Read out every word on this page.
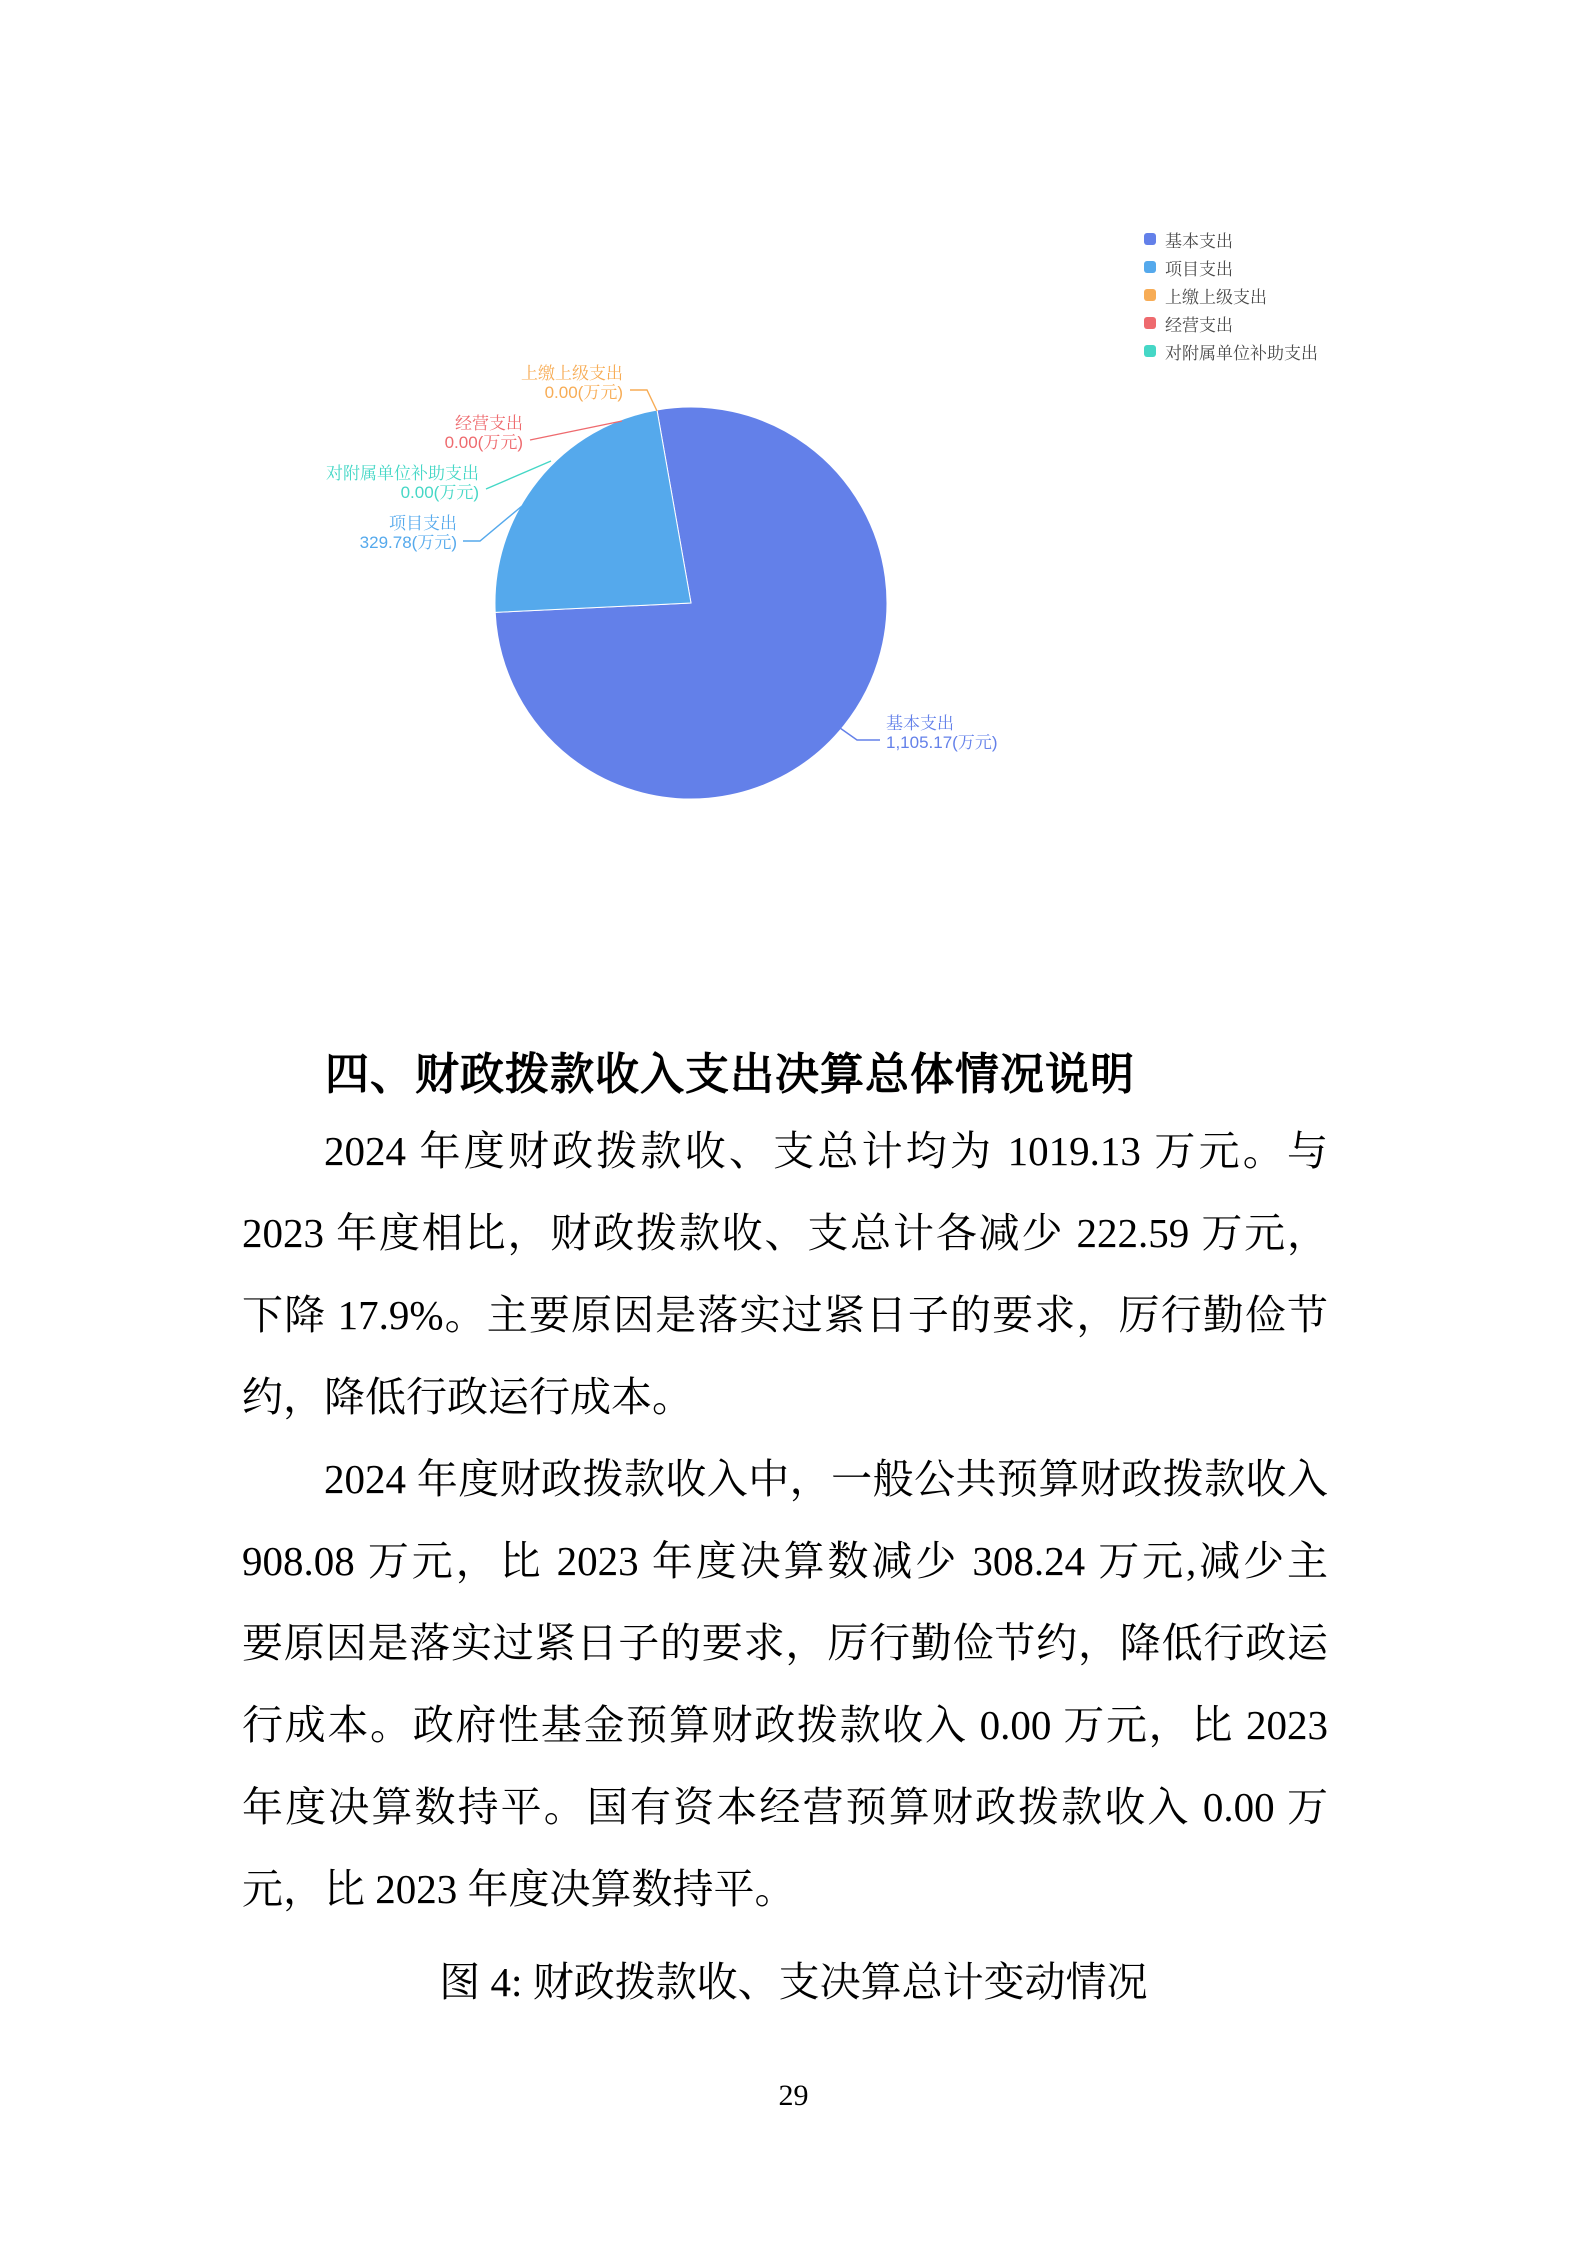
基本支出
1,105.17(万元)
项目支出
329.78(万元)
上缴上级支出
0.00(万元)
经营支出
0.00(万元)
对附属单位补助支出
0.00(万元)
基本支出
项目支出
上缴上级支出
经营支出
对附属单位补助支出
四、财政拨款收入支出决算总体情况说明
2024 年度财政拨款收、支总计均为 1019.13 万元。与
2023 年度相比，财政拨款收、支总计各减少 222.59 万元，
下降 17.9%。主要原因是落实过紧日子的要求，厉行勤俭节
约，降低行政运行成本。
2024 年度财政拨款收入中，一般公共预算财政拨款收入
908.08 万元，比 2023 年度决算数减少 308.24 万元,减少主
要原因是落实过紧日子的要求，厉行勤俭节约，降低行政运
行成本。政府性基金预算财政拨款收入 0.00 万元，比 2023
年度决算数持平。国有资本经营预算财政拨款收入 0.00 万
元，比 2023 年度决算数持平。
图 4: 财政拨款收、支决算总计变动情况
29
